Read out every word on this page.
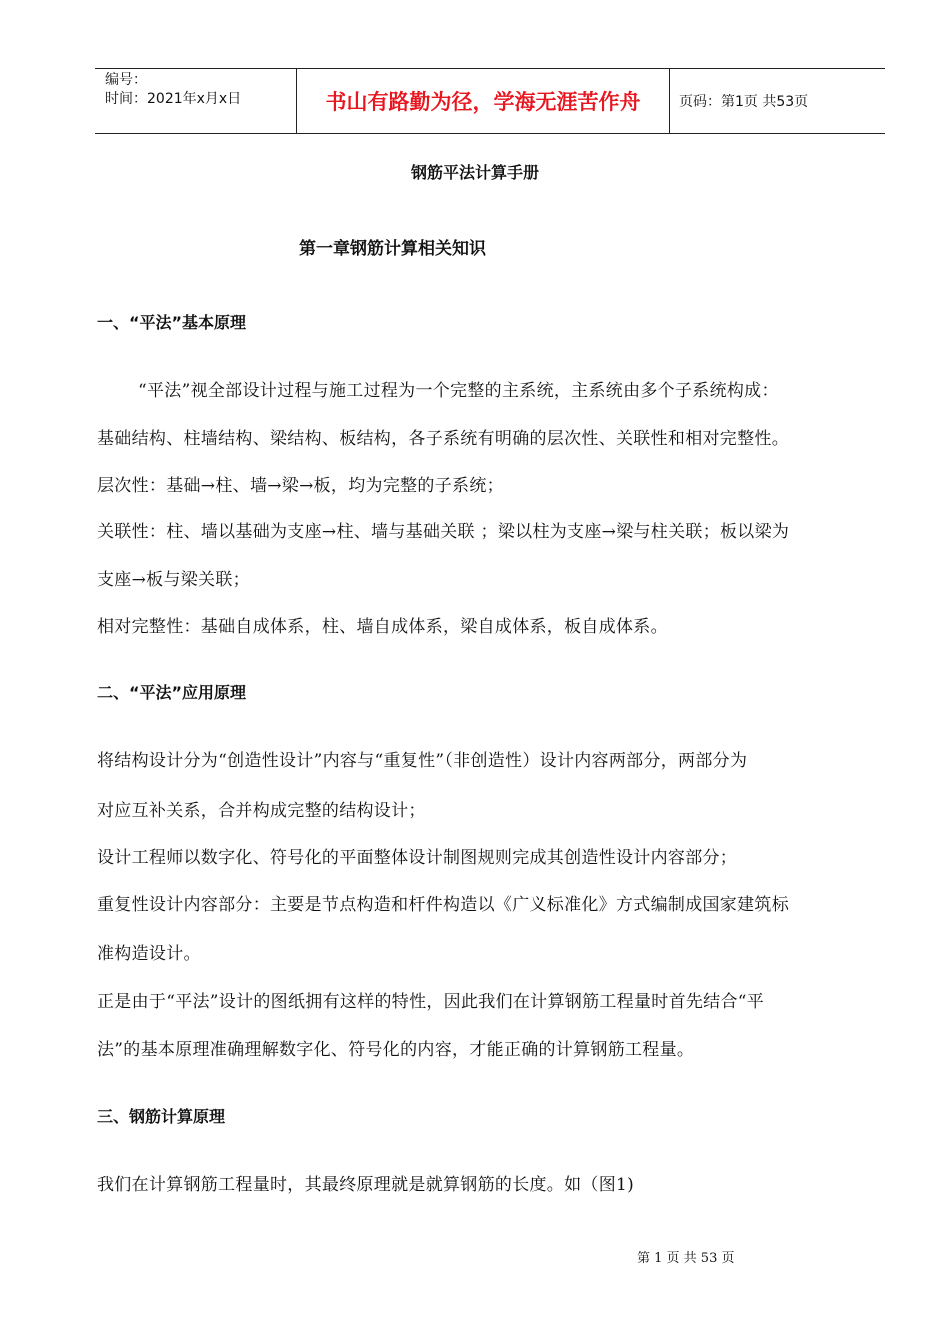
编号：
时间：2021年x月x日	书山有路勤为径，学海无涯苦作舟	页码：第1页 共53页
钢筋平法计算手册
第一章钢筋计算相关知识
一、“平法”基本原理
“平法”视全部设计过程与施工过程为一个完整的主系统，主系统由多个子系统构成：
基础结构、柱墙结构、梁结构、板结构，各子系统有明确的层次性、关联性和相对完整性。
层次性：基础→柱、墙→梁→板，均为完整的子系统；
关联性：柱、墙以基础为支座→柱、墙与基础关联 ；梁以柱为支座→梁与柱关联；板以梁为
支座→板与梁关联；
相对完整性：基础自成体系，柱、墙自成体系，梁自成体系，板自成体系。
二、“平法”应用原理
将结构设计分为“创造性设计”内容与“重复性”（非创造性）设计内容两部分，两部分为
对应互补关系，合并构成完整的结构设计；
设计工程师以数字化、符号化的平面整体设计制图规则完成其创造性设计内容部分；
重复性设计内容部分：主要是节点构造和杆件构造以《广义标准化》方式编制成国家建筑标
准构造设计。
正是由于“平法”设计的图纸拥有这样的特性，因此我们在计算钢筋工程量时首先结合“平
法”的基本原理准确理解数字化、符号化的内容，才能正确的计算钢筋工程量。
三、钢筋计算原理
我们在计算钢筋工程量时，其最终原理就是就算钢筋的长度。如（图1)
第 1 页 共 53 页
